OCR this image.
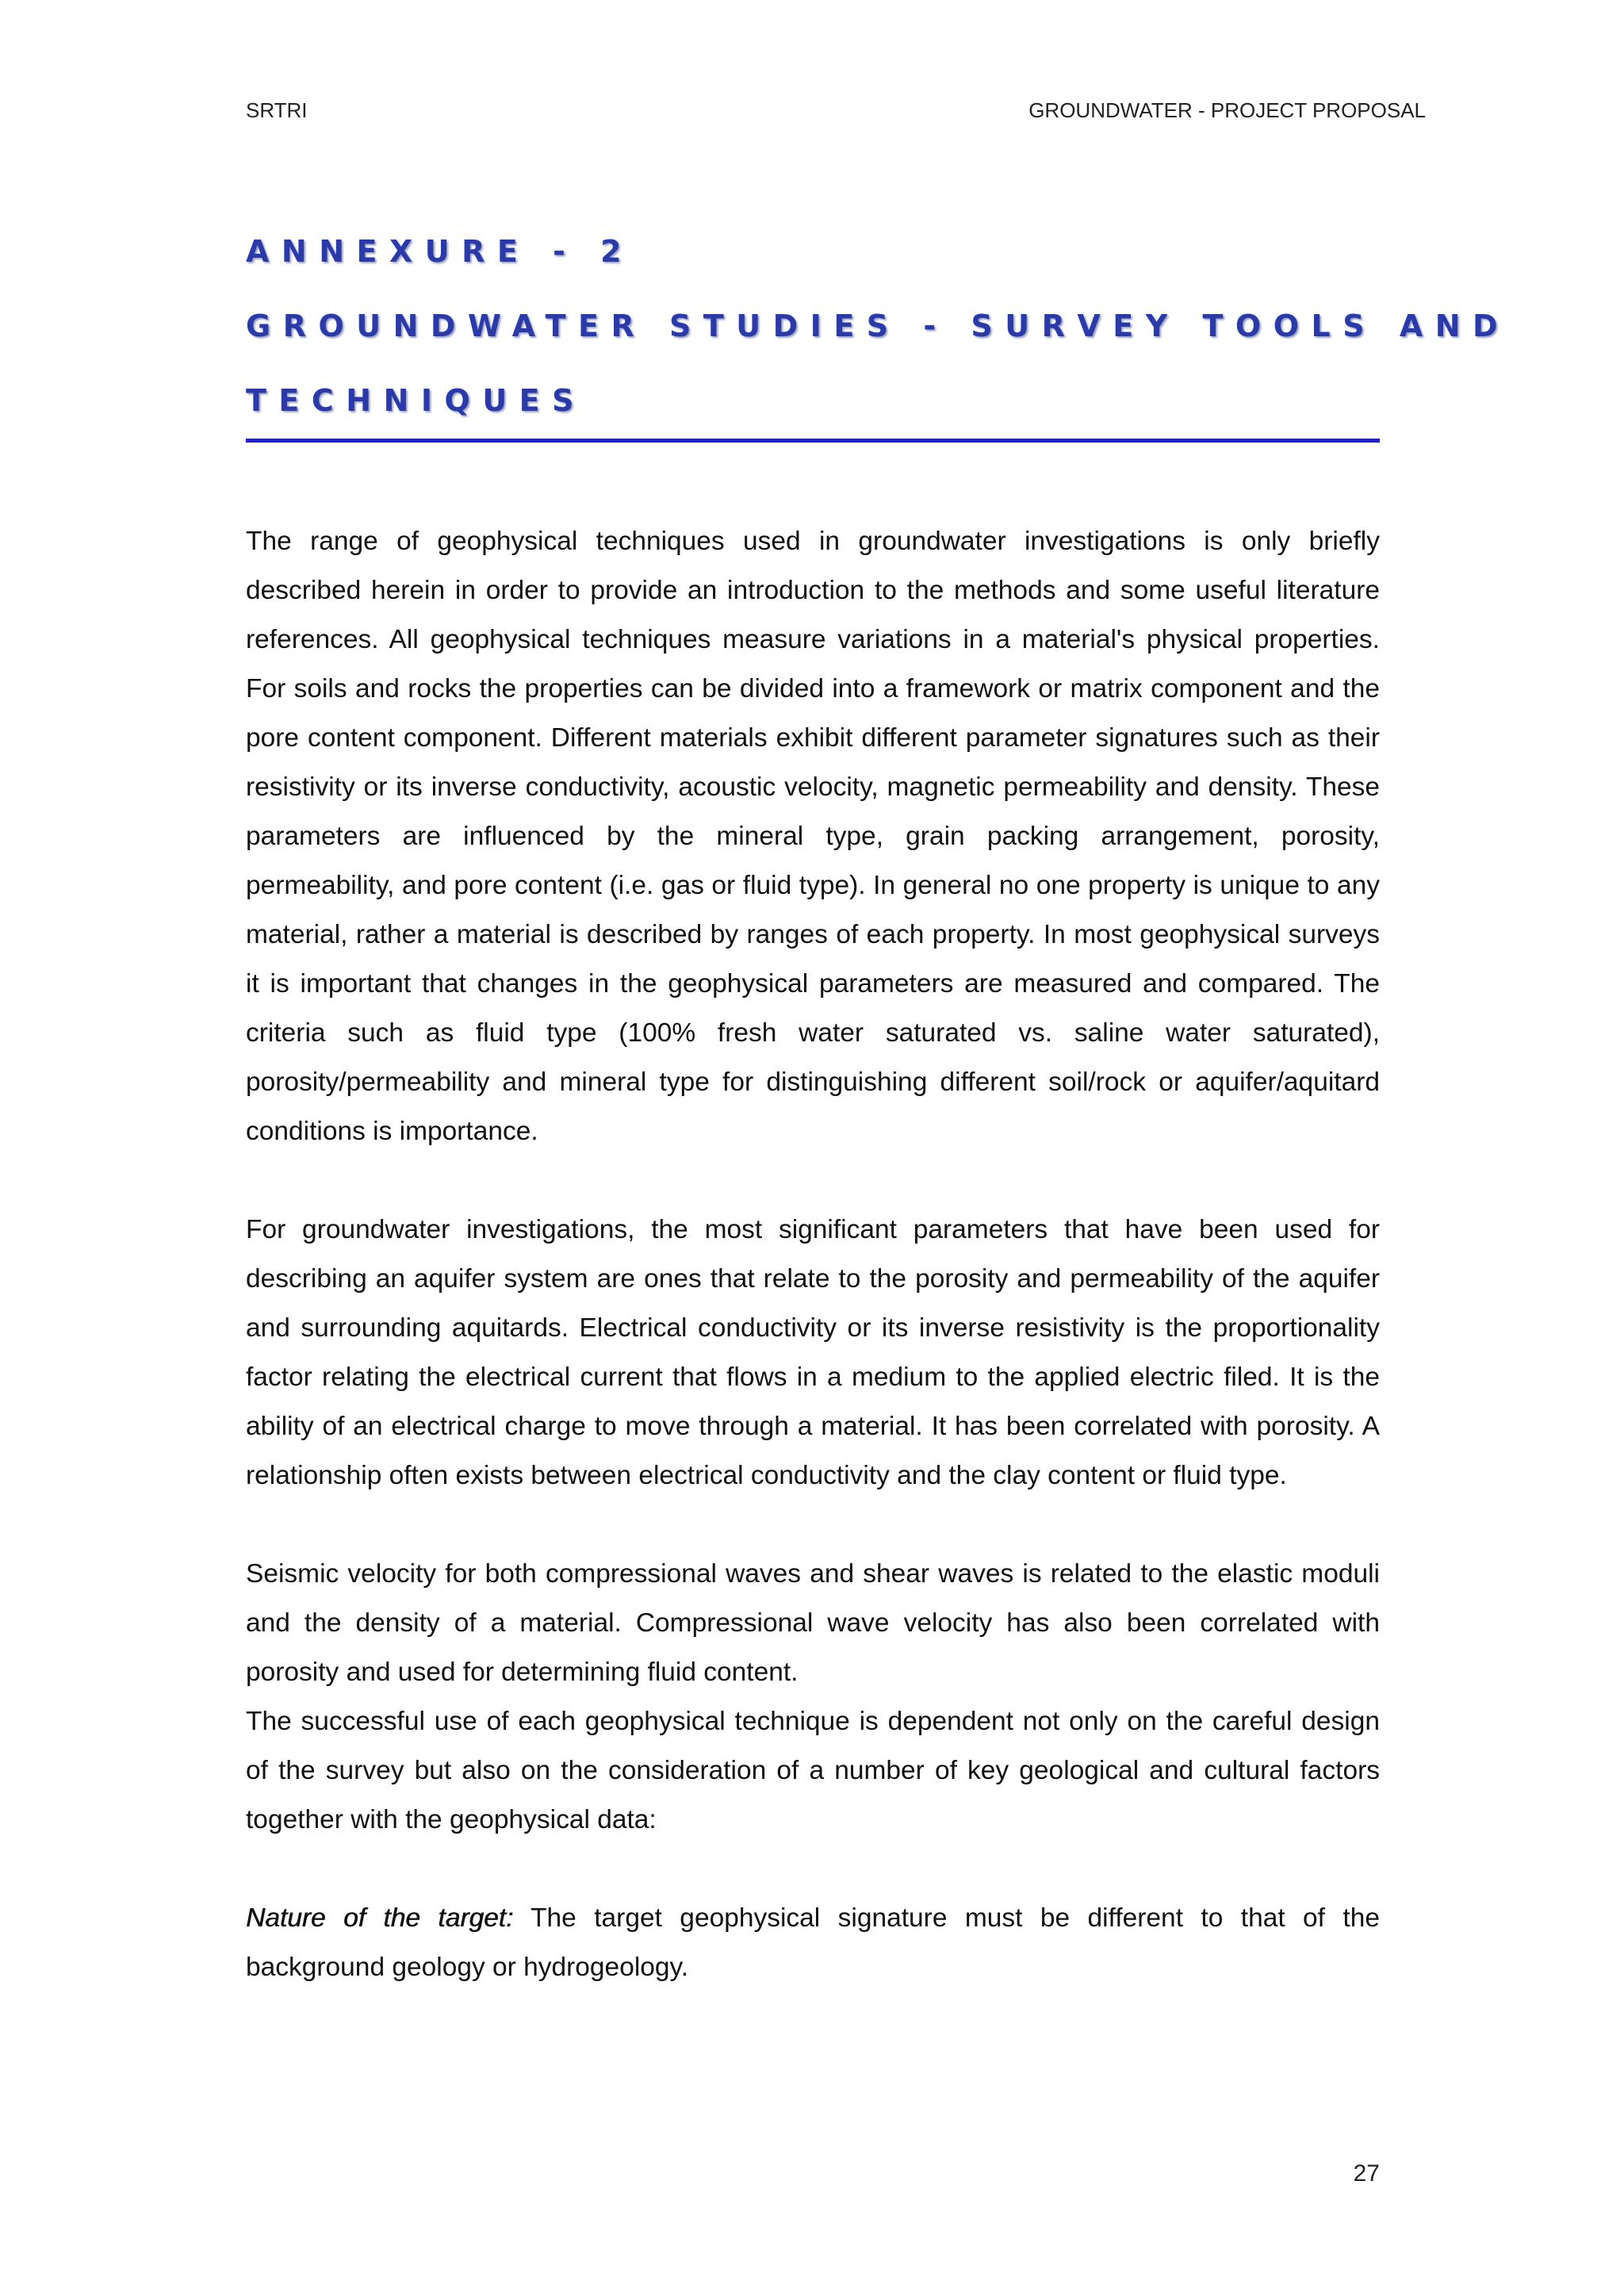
SRTRI	GROUNDWATER - PROJECT PROPOSAL
ANNEXURE - 2
GROUNDWATER STUDIES - SURVEY TOOLS AND
TECHNIQUES

The range of geophysical techniques used in groundwater investigations is only briefly described herein in order to provide an introduction to the methods and some useful literature references. All geophysical techniques measure variations in a material's physical properties. For soils and rocks the properties can be divided into a framework or matrix component and the pore content component. Different materials exhibit different parameter signatures such as their resistivity or its inverse conductivity, acoustic velocity, magnetic permeability and density. These parameters are influenced by the mineral type, grain packing arrangement, porosity, permeability, and pore content (i.e. gas or fluid type). In general no one property is unique to any material, rather a material is described by ranges of each property. In most geophysical surveys it is important that changes in the geophysical parameters are measured and compared. The criteria such as fluid type (100% fresh water saturated vs. saline water saturated), porosity/permeability and mineral type for distinguishing different soil/rock or aquifer/aquitard conditions is importance.

For groundwater investigations, the most significant parameters that have been used for describing an aquifer system are ones that relate to the porosity and permeability of the aquifer and surrounding aquitards. Electrical conductivity or its inverse resistivity is the proportionality factor relating the electrical current that flows in a medium to the applied electric filed. It is the ability of an electrical charge to move through a material. It has been correlated with porosity. A relationship often exists between electrical conductivity and the clay content or fluid type.

Seismic velocity for both compressional waves and shear waves is related to the elastic moduli and the density of a material. Compressional wave velocity has also been correlated with porosity and used for determining fluid content.

The successful use of each geophysical technique is dependent not only on the careful design of the survey but also on the consideration of a number of key geological and cultural factors together with the geophysical data:

Nature of the target: The target geophysical signature must be different to that of the background geology or hydrogeology.

27
